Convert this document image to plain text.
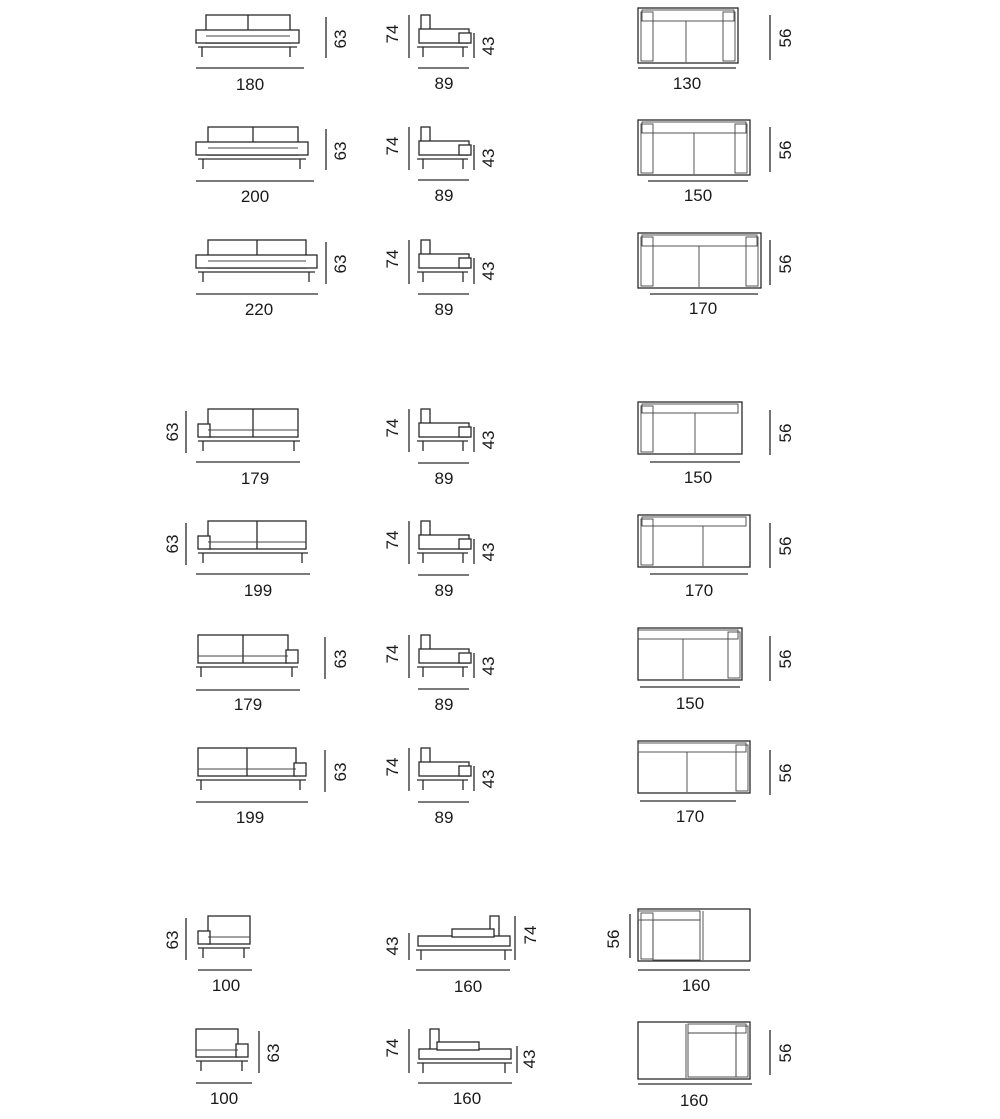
180
63
89
74
43
130
56
200
63
89
74
43
150
56
220
63
89
74
43
170
56
179
63
89
74
43
150
56
199
63
89
74
43
170
56
179
63
89
74
43
150
56
199
63
89
74
43
170
56
100
63
160
43
74
160
56
100
63
160
74
43
160
56
